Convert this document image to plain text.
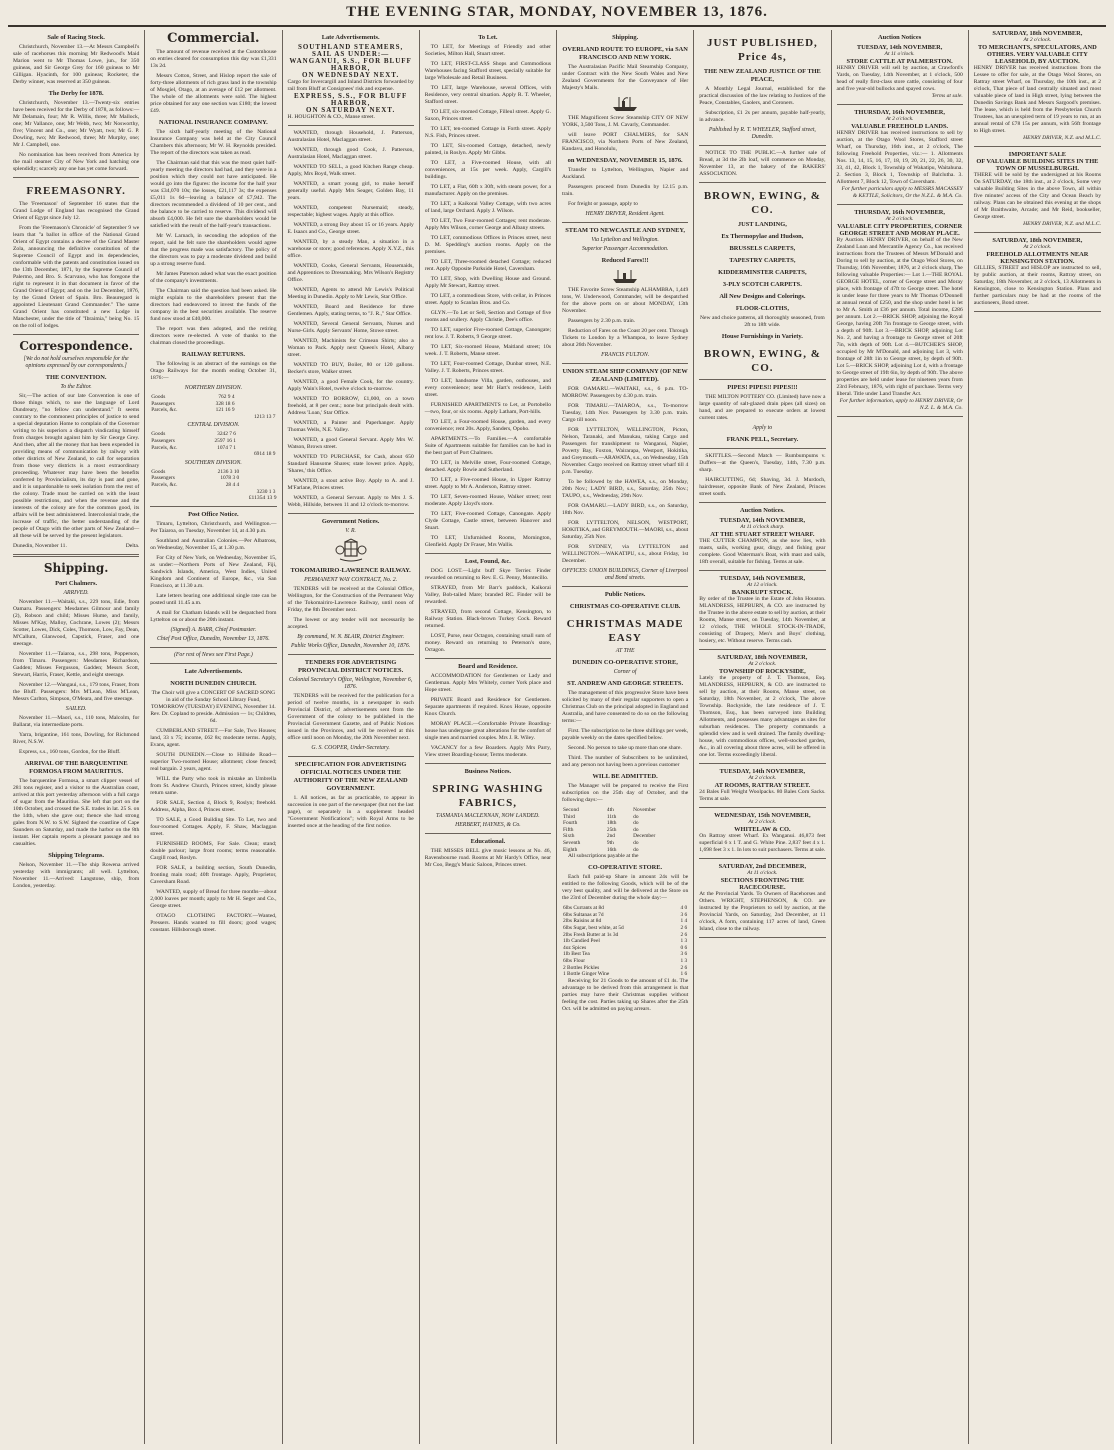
THE EVENING STAR, MONDAY, NOVEMBER 13, 1876.
Sale of Racing Stock.

Christchurch, November 13.—At Messrs Campbell's sale of racehorses this morning Mr Redwood's Maid Marion went to Mr Thomas Lowe, jun., for 350 guineas, and Sir George Grey for 160 guineas to Mr Gilligan. Hyacinth, for 100 guineas; Rocketer, the Derby winner, was reserved at 350 guineas.

The Derby for 1878.

Christchurch, November 13.—Twenty-six entries have been received for the Derby of 1878, as follows:—Mr Delamain, four; Mr R. Willis, three; Mr Mallock, one; Mr Vallance, one; Mr Webb, two; Mr Nosworthy, five; Vincent and Co., one; Mr Wyatt, two; Mr G. P. Dowling, two; Mr Redwood, three; Mr Murphy, one; Mr J. Campbell, one.

No nomination has been received from America by the mail steamer City of New York and hatching one splendidly; scarcely any one has yet come forward.

FREEMASONRY.

The 'Freemason' of September 16 states that the Grand Lodge of England has recognised the Grand Orient of Egypt since July 12.

From the 'Freemason's Chronicle' of September 9 we learn that "a ballot in office of the National Grand Orient of Egypt contains a decree of the Grand Master Zola, announcing the definitive constitution of the Supreme Council of Egypt and its dependencies, conformable with the patents and constitution issued on the 13th December, 1871, by the Supreme Council of Palermo, and Bro. S. Scarvano, who has foregone the right to represent it in that document in favor of the Grand Orient of Egypt; and on the 1st December, 1876, by the Grand Orient of Spain. Bro. Beauregard is appointed Lieutenant Grand Commander." The same Grand Orient has constituted a new Lodge in Manchester, under the title of "Ibraimia," being No. 15 on the roll of lodges.

Correspondence.
[We do not hold ourselves responsible for the opinions expressed by our correspondents.]
THE CONVENTION.
To the Editor.

Sir,—The action of our late Convention is one of those things which, to use the language of Lord Dundreary, "no fellow can understand." It seems contrary to the commonest principles of justice to send a special deputation Home to complain of the Governor writing to his superiors a dispatch vindicating himself from charges brought against him by Sir George Grey. And then, after all the money that has been expended in providing means of communication by railway with other districts of New Zealand, to call for separation from those very districts is a most extraordinary proceeding. Whatever may have been the benefits conferred by Provincialism, its day is past and gone, and it is unpardonable to seek isolation from the rest of the colony. Trade must be carried on with the least possible restrictions, and when the revenue and the interests of the colony are for the common good, its affairs will be best administered. Intercolonial trade, the increase of traffic, the better understanding of the people of Otago with the other parts of New Zealand—all these will be served by the present legislators.

Dunedin, November 11.	Delta.
Shipping.
Port Chalmers.
ARRIVED.

November 11.—Waitaki, s.s., 229 tons, Edie, from Oamaru. Passengers: Mesdames Gilmour and family (2), Robson and child; Misses Hume, and family, Misses M'Kay, Malloy, Cochrane, Lowes (2); Messrs Scotter, Lowes, Dick, Coles, Thomson, Low, Fay, Dean, M'Callum, Glanwood, Capstick, Fraser, and one steerage.

November 11.—Taiaroa, s.s., 298 tons, Popperson, from Timaru. Passengers: Mesdames Richardson, Gadden; Misses Fergusson, Gadden; Messrs Scott, Stewart, Harris, Fraser, Kettle, and eight steerage.

November 12.—Wangaui, s.s., 179 tons, Fraser, from the Bluff. Passengers: Mrs M'Lean, Miss M'Lean, Messrs Carlton, Simpson, O'Meara, and five steerage.

SAILED.

November 11.—Maori, s.s., 110 tons, Malcolm, for Ballarat, via intermediate ports.

Yarra, brigantine, 161 tons, Dowling, for Richmond River, N.S.W.

Express, s.s., 160 tons, Gordon, for the Bluff.

ARRIVAL OF THE BARQUENTINE FORMOSA FROM MAURITIUS.

The barquentine Formosa, a smart clipper vessel of 281 tons register, and a visitor to the Australian coast, arrived at this port yesterday afternoon with a full cargo of sugar from the Mauritius. She left that port on the 10th October, and crossed the S.E. trades in lat. 25 S. on the 14th, when she gave out; thence she had strong gales from N.W. to S.W. Sighted the coastline of Cape Saunders on Saturday, and made the harbor on the 8th instant. Her captain reports a pleasant passage and no casualties.

Shipping Telegrams.

Nelson, November 11.—The ship Rowena arrived yesterday with immigrants; all well. Lyttelton, November 11.—Arrived: Langstone, ship, from London, yesterday.

Commercial.

The amount of revenue received at the Customhouse on entries cleared for consumption this day was £1,331 13s 2d.

Messrs Cotton, Street, and Hislop report the sale of forty-three allotments of rich grass land in the township of Mosgiel, Otago, at an average of £12 per allotment. The whole of the allotments were sold. The highest price obtained for any one section was £180; the lowest £49.

NATIONAL INSURANCE COMPANY.

The sixth half-yearly meeting of the National Insurance Company was held at the City Council Chambers this afternoon; Mr W. H. Reynolds presided. The report of the directors was taken as read.

The Chairman said that this was the most quiet half-yearly meeting the directors had had, and they were in a position which they could not have anticipated. He would go into the figures: the income for the half year was £34,070 10s; the losses, £21,117 3s; the expenses £5,011 1s 6d—leaving a balance of £7,942. The directors recommended a dividend of 10 per cent., and the balance to be carried to reserve. This dividend will absorb £4,000. He felt sure the shareholders would be satisfied with the result of the half-year's transactions.

Mr W. Larnach, in seconding the adoption of the report, said he felt sure the shareholders would agree that the progress made was satisfactory. The policy of the directors was to pay a moderate dividend and build up a strong reserve fund.

Mr James Paterson asked what was the exact position of the company's investments.

The Chairman said the question had been asked. He might explain to the shareholders present that the directors had endeavored to invest the funds of the company in the best securities available. The reserve fund now stood at £40,000.

The report was then adopted, and the retiring directors were re-elected. A vote of thanks to the chairman closed the proceedings.

RAILWAY RETURNS.

The following is an abstract of the earnings on the Otago Railways for the month ending October 31, 1876:—

NORTHERN DIVISION.
Goods	762 9 4	
Passengers	328 18 6	
Parcels, &c.	121 16 9	
		1213 13 7
CENTRAL DIVISION.
Goods	3242 7 6	
Passengers	2597 16 1	
Parcels, &c.	1074 7 1	
		6914 18 9
SOUTHERN DIVISION.
Goods	2136 3 10	
Passengers	1078 3 0	
Parcels, &c.	28 4 4	
		3230 1 3
£11354 13 9
Post Office Notice.

Timaru, Lyttelton, Christchurch, and Wellington.—Per Taiaroa, on Tuesday, November 14, at 4.30 p.m.

Southland and Australian Colonies.—Per Albatross, on Wednesday, November 15, at 1.30 p.m.

For City of New York, on Wednesday, November 15, as under:—Northern Ports of New Zealand, Fiji, Sandwich Islands, America, West Indies, United Kingdom and Continent of Europe, &c., via San Francisco, at 11.30 a.m.

Late letters bearing one additional single rate can be posted until 11.45 a.m.

A mail for Chatham Islands will be despatched from Lyttelton on or about the 20th instant.

(Signed) A. BARR, Chief Postmaster.
Chief Post Office, Dunedin, November 13, 1876.
(For rest of News see First Page.)
Late Advertisements.
NORTH DUNEDIN CHURCH.

The Choir will give a CONCERT OF SACRED SONG in aid of the Sunday School Library Fund, TOMORROW (TUESDAY) EVENING, November 14. Rev. Dr. Copland to preside. Admission — 1s; Children, 6d.

CUMBERLAND STREET.—For Sale, Two Houses; land, 33 x 75; income, £62 8s; moderate terms. Apply, Evans, agent.

SOUTH DUNEDIN.—Close to Hillside Road—superior Two-roomed House; allotment; close fenced; real bargain. 2 years, agent.

WILL the Party who took in mistake an Umbrella from St. Andrew Church, Princes street, kindly please return same.

FOR SALE, Section 4, Block 9, Roslyn; freehold. Address, Alpha, Box 4, Princes street.

TO SALE, a Good Building Site. To Let, two and four-roomed Cottages. Apply, F. Shaw, Maclaggan street.

FURNISHED ROOMS, For Sale. Clean; stand; double parlour; large front rooms; terms reasonable. Cargill road, Roslyn.

FOR SALE, a building section, South Dunedin, fronting main road; 40ft frontage. Apply, Proprietor, Caversham Road.

WANTED, supply of Bread for three months—about 2,000 loaves per month; apply to Mr H. Seger and Co., George street.

OTAGO CLOTHING FACTORY.—Wanted, Pressers. Hands wanted to fill doors; good wages; constant. Hillsborough street.

Late Advertisements.
SOUTHLAND STEAMERS, SAIL AS UNDER:—
WANGANUI, S.S., FOR BLUFF HARBOR,
ON WEDNESDAY NEXT.
Cargo for Invercargill and Inland Districts forwarded by rail from Bluff at Consignees' risk and expense.
EXPRESS, S.S., FOR BLUFF HARBOR,
ON SATURDAY NEXT.
H. HOUGHTON & CO., Manse street.

WANTED, through Household, J. Patterson, Australasian Hotel, Maclaggan street.

WANTED, through good Cook, J. Patterson, Australasian Hotel, Maclaggan street.

WANTED TO SELL, a good Kitchen Range cheap. Apply, Mrs Boyd, Walk street.

WANTED, a smart young girl, to make herself generally useful. Apply Mrs Seager, Golden Bay, 11 years.

WANTED, competent Nursemaid; steady, respectable; highest wages. Apply at this office.

WANTED, a strong Boy about 15 or 16 years. Apply E. Isaacs and Co., George street.

WANTED, by a steady Man, a situation in a warehouse or store; good references. Apply X.Y.Z., this office.

WANTED, Cooks, General Servants, Housemaids, and Apprentices to Dressmaking. Mrs Wilson's Registry Office.

WANTED, Agents to attend Mr Lewis's Political Meeting in Dunedin. Apply to Mr Lewis, Star Office.

WANTED, Board and Residence for three Gentlemen. Apply, stating terms, to "J. R.," Star Office.

WANTED, Several General Servants, Nurses and Nurse-Girls. Apply Servants' Home, Stowe street.

WANTED, Machinists for Crimean Shirts; also a Woman to Pack. Apply next Queen's Hotel, Albany street.

WANTED TO BUY, Boiler, 80 or 120 gallons. Becker's store, Walker street.

WANTED, a good Female Cook, for the country. Apply Wain's Hotel, twelve o'clock to-morrow.

WANTED TO BORROW, £1,000, on a town freehold, at 8 per cent.; none but principals dealt with. Address 'Loan,' Star Office.

WANTED, a Painter and Paperhanger. Apply Thomas Wells, N.E. Valley.

WANTED, a good General Servant. Apply Mrs W. Watson, Brown street.

WANTED TO PURCHASE, for Cash, about 650 Standard Hansome Shares; state lowest price. Apply, 'Shares,' this Office.

WANTED, a stout active Boy. Apply to A. and J. M'Farlane, Princes street.

WANTED, a General Servant. Apply to Mrs J. S. Webb, Hillside, between 11 and 12 o'clock to-morrow.

Government Notices.
V. R.
TOKOMAIRIRO-LAWRENCE RAILWAY.
PERMANENT WAY CONTRACT, No. 2.

TENDERS will be received at the Colonial Office, Wellington, for the Construction of the Permanent Way of the Tokomairiro-Lawrence Railway, until noon of Friday, the 8th December next.

The lowest or any tender will not necessarily be accepted.

By command, W. N. BLAIR, District Engineer.
Public Works Office, Dunedin, November 10, 1876.
TENDERS FOR ADVERTISING PROVINCIAL DISTRICT NOTICES.
Colonial Secretary's Office, Wellington, November 6, 1876.

TENDERS will be received for the publication for a period of twelve months, in a newspaper in each Provincial District, of advertisements sent from the Government of the colony to be published in the Provincial Government Gazette, and of Public Notices issued in the Provinces, and will be received at this office until noon on Monday, the 20th November next.

G. S. COOPER, Under-Secretary.
SPECIFICATION FOR ADVERTISING OFFICIAL NOTICES UNDER THE AUTHORITY OF THE NEW ZEALAND GOVERNMENT.

1. All notices, as far as practicable, to appear in succession in one part of the newspaper (but not the last page), or separately in a supplement headed "Government Notifications"; with Royal Arms to be inserted once at the heading of the first notice.

To Let.

TO LET, for Meetings of Friendly and other Societies, Milton Hall, Stuart street.

TO LET, FIRST-CLASS Shops and Commodious Warehouses facing Stafford street, specially suitable for large Wholesale and Retail Business.

TO LET, large Warehouse, several Offices, with Residence, very central situation. Apply R. T. Wheeler, Stafford street.

TO LET, six-roomed Cottage, Filleul street. Apply G. Saxon, Princes street.

TO LET, ten-roomed Cottage in Forth street. Apply N.S. Fish, Princes street.

TO LET, Six-roomed Cottage, detached, newly painted, in Roslyn. Apply Mr Gibbs.

TO LET, a Five-roomed House, with all conveniences, at 15s per week. Apply, Cargill's buildings.

TO LET, a Flat, 60ft x 30ft, with steam power, for a manufacturer. Apply on the premises.

TO LET, a Kaikorai Valley Cottage, with two acres of land, large Orchard. Apply J. Wilson.

TO LET, Two Four-roomed Cottages; rent moderate. Apply Mrs Wilson, corner George and Albany streets.

TO LET, commodious Offices in Princes street, next D. M. Spedding's auction rooms. Apply on the premises.

TO LET, Three-roomed detached Cottage; reduced rent. Apply Opposite Parkside Hotel, Caversham.

TO LET, Shop, with Dwelling House and Ground. Apply Mr Stewart, Rattray street.

TO LET, a commodious Store, with cellar, in Princes street. Apply to Scanlan Bros. and Co.

GLYN.—To Let or Sell, Section and Cottage of five rooms and scullery. Apply Christie, Dee's office.

TO LET, superior Five-roomed Cottage, Canongate; rent low. J. T. Roberts, 9 George street.

TO LET, Six-roomed House, Maitland street; 10s week. J. T. Roberts, Manse street.

TO LET, Four-roomed Cottage, Dunbar street, N.E. Valley. J. T. Roberts, Princes street.

TO LET, handsome Villa, garden, outhouses, and every convenience; near Mr Hart's residence, Leith street.

FURNISHED APARTMENTS to Let, at Portobello—two, four, or six rooms. Apply Latham, Port-hills.

TO LET, a Four-roomed House, garden, and every convenience; rent 20s. Apply, Sanders, Opoho.

APARTMENTS.—To Families.—A comfortable Suite of Apartments suitable for families can be had in the best part of Port Chalmers.

TO LET, in Melville street, Four-roomed Cottage, detached. Apply Bowie and Sutherland.

TO LET, a Five-roomed House, in Upper Rattray street. Apply to Mr A. Anderson, Rattray street.

TO LET, Seven-roomed House, Walker street; rent moderate. Apply Lloyd's store.

TO LET, Five-roomed Cottage, Canongate. Apply Clyde Cottage, Castle street, between Hanover and Stuart.

TO LET, Unfurnished Rooms, Mornington, Glenfield. Apply Dr Fraser, Mrs Wallis.

Lost, Found, &c.

DOG LOST.—Light buff Skye Terrier. Finder rewarded on returning to Rev. E. G. Penny, Montecillo.

STRAYED, from Mr Barr's paddock, Kaikorai Valley, Bob-tailed Mare; branded RC. Finder will be rewarded.

STRAYED, from second Cottage, Kensington, to Railway Station. Black-brown Turkey Cock. Reward returned.

LOST, Purse, near Octagon, containing small sum of money. Reward on returning to Peterson's store, Octagon.

Board and Residence.

ACCOMMODATION for Gentlemen or Lady and Gentleman. Apply Mrs Whitely, corner York place and Hope street.

PRIVATE Board and Residence for Gentlemen. Separate apartments if required. Knox House, opposite Knox Church.

MORAY PLACE.—Comfortable Private Boarding-house has undergone great alterations for the comfort of single men and married couples. Mrs J. R. Wiley.

VACANCY for a few Boarders. Apply Mrs Parry, View street Boarding-house; Terms moderate.

Business Notices.
SPRING WASHING FABRICS,
TASMANIA MACLENNAN, NOW LANDED.
HERBERT, HAYNES, & Co.
Educational.

THE MISSES BELL give music lessons at No. 46, Ravensbourne road. Rooms at Mr Hardy's Office, near Mr Coo, Begg's Music Saloon, Princes street.

Shipping.
OVERLAND ROUTE TO EUROPE, via SAN FRANCISCO AND NEW YORK.

The Australasian Pacific Mail Steamship Company, under Contract with the New South Wales and New Zealand Governments for the Conveyance of Her Majesty's Mails.

THE Magnificent Screw Steamship CITY OF NEW YORK, 3,500 Tons, J. M. Cavarly, Commander.

will leave PORT CHALMERS, for SAN FRANCISCO, via Northern Ports of New Zealand, Kandavu, and Honolulu,

on WEDNESDAY, NOVEMBER 15, 1876.

Transfer to Lyttelton, Wellington, Napier and Auckland.

Passengers proceed from Dunedin by 12.15 p.m. train.

For freight or passage, apply to

HENRY DRIVER, Resident Agent.
STEAM TO NEWCASTLE AND SYDNEY,
Via Lyttelton and Wellington.
Superior Passenger Accommodation.
Reduced Fares!!!

THE Favorite Screw Steamship ALHAMBRA, 1,449 tons, W. Underwood, Commander, will be despatched for the above ports on or about MONDAY, 13th November.

Passengers by 2.30 p.m. train.

Reduction of Fares on the Coast 20 per cent. Through Tickets to London by a Whampoa, to leave Sydney about 26th November.

FRANCIS FULTON.
UNION STEAM SHIP COMPANY (OF NEW ZEALAND (LIMITED).

FOR OAMARU.—WAITAKI, s.s., 6 p.m. TO-MORROW. Passengers by 4.30 p.m. train.

FOR TIMARU.—TAIAROA, s.s., To-morrow Tuesday, 14th Nov. Passengers by 3.30 p.m. train. Cargo till noon.

FOR LYTTELTON, WELLINGTON, Picton, Nelson, Taranaki, and Manukau, taking Cargo and Passengers for transhipment to Wanganui, Napier, Poverty Bay, Foxton, Wairarapa, Westport, Hokitika, and Greymouth.—ARAWATA, s.s., on Wednesday, 15th November. Cargo received on Rattray street wharf till 4 p.m. Tuesday.

To be followed by the HAWEA, s.s., on Monday, 20th Nov.; LADY BIRD, s.s., Saturday, 25th Nov.; TAUPO, s.s., Wednesday, 29th Nov.

FOR OAMARU.—LADY BIRD, s.s., on Saturday, 18th Nov.

FOR LYTTELTON, NELSON, WESTPORT, HOKITIKA, and GREYMOUTH.—MAORI, s.s., about Saturday, 25th Nov.

FOR SYDNEY, via LYTTELTON and WELLINGTON.—WAKATIPU, s.s., about Friday, 1st December.

OFFICES: UNION BUILDINGS, Corner of Liverpool and Bond streets.
Public Notices.
CHRISTMAS CO-OPERATIVE CLUB.
CHRISTMAS MADE EASY
AT THE
DUNEDIN CO-OPERATIVE STORE,
Corner of
ST. ANDREW AND GEORGE STREETS.

The management of this progressive Store have been solicited by many of their regular supporters to open a Christmas Club on the principal adopted in England and Australia, and have consented to do so on the following terms:—

First. The subscription to be three shillings per week, payable weekly on the dates specified below.

Second. No person to take up more than one share.

Third. The number of Subscribers to be unlimited, and any person not having been a previous customer

WILL BE ADMITTED.

The Manager will be prepared to receive the First subscription on the 25th day of October, and the following days:—

Second	4th	November
Third	11th	do
Fourth	18th	do
Fifth	25th	do
Sixth	2nd	December
Seventh	9th	do
Eighth	16th	do

All subscriptions payable at the

CO-OPERATIVE STORE.

Each full paid-up Share in amount 24s will be entitled to the following Goods, which will be of the very best quality, and will be delivered at the Store on the 23rd of December during the whole day:—

6lbs Currants at 8d	4 0
6lbs Sultanas at 7d	3 6
2lbs Raisins at 8d	1 4
6lbs Sugar, best white, at 5d	2 6
2lbs Fresh Butter at 1s 3d	2 6
1lb Candied Peel	1 3
4oz Spices	0 6
1lb Best Tea	3 6
6lbs Flour	1 3
2 Bottles Pickles	2 6
1 Bottle Ginger Wine	1 6

Receiving for 21 Goods to the amount of £1 4s. The advantage to be derived from this arrangement is that parties may have their Christmas supplies without feeling the cost. Parties taking up Shares after the 25th Oct. will be admitted on paying arrears.

JUST PUBLISHED, Price 4s,
THE NEW ZEALAND JUSTICE OF THE PEACE,

A Monthly Legal Journal, established for the practical discussion of the law relating to Justices of the Peace, Constables, Gaolers, and Coroners.

Subscription, £1 2s per annum, payable half-yearly, in advance.

Published by R. T. WHEELER, Stafford street, Dunedin.

NOTICE TO THE PUBLIC.—A further sale of Bread, at 3d the 2lb loaf, will commence on Monday, November 13, at the bakery of the BAKERS' ASSOCIATION.

BROWN, EWING, & CO.
JUST LANDING,
Ex Thermopylae and Hudson,
BRUSSELS CARPETS,
TAPESTRY CARPETS,
KIDDERMINSTER CARPETS,
3-PLY SCOTCH CARPETS.
All New Designs and Colorings.
FLOOR-CLOTHS,

New and choice patterns, all thoroughly seasoned, from 2ft to 18ft wide.

House Furnishings in Variety.
BROWN, EWING, & CO.
PIPES! PIPES!! PIPES!!!

THE MILTON POTTERY CO. (Limited) have now a large quantity of salt-glazed drain pipes (all sizes) on hand, and are prepared to execute orders at lowest current rates.

Apply to
FRANK PELL, Secretary.

SKITTLES.—Second Match — Rumbumpums v. Duffers—at the Queen's, Tuesday, 14th, 7.30 p.m. sharp.

HAIRCUTTING, 6d; Shaving, 3d. J. Murdoch, hairdresser, opposite Bank of New Zealand, Princes street south.

Auction Notices.
TUESDAY, 14th NOVEMBER,
At 11 o'clock sharp.
AT THE STUART STREET WHARF.
THE CUTTER CHAMPION, as she now lies, with masts, sails, working gear, dingy, and fishing gear complete. Good Waterman's Boat, with mast and sails, 18ft overall, suitable for fishing. Terms at sale.
TUESDAY, 14th NOVEMBER,
At 12 o'clock.
BANKRUPT STOCK.
By order of the Trustee in the Estate of John Houston. MLANDRESS, HEPBURN, & CO. are instructed by the Trustee in the above estate to sell by auction, at their Rooms, Manse street, on Tuesday, 14th November, at 12 o'clock, THE WHOLE STOCK-IN-TRADE, consisting of Drapery, Men's and Boys' clothing, hosiery, etc. Without reserve. Terms cash.
SATURDAY, 18th NOVEMBER,
At 2 o'clock.
TOWNSHIP OF ROCKYSIDE,
Lately the property of J. T. Thomson, Esq. MLANDRESS, HEPBURN, & CO. are instructed to sell by auction, at their Rooms, Manse street, on Saturday, 18th November, at 2 o'clock, The above Township. Rockyside, the late residence of J. T. Thomson, Esq., has been surveyed into Building Allotments, and possesses many advantages as sites for suburban residences. The property commands a splendid view and is well drained. The family dwelling-house, with commodious offices, well-stocked garden, &c., in all covering about three acres, will be offered in one lot. Terms exceedingly liberal.
TUESDAY, 14th NOVEMBER,
At 2 o'clock.
AT ROOMS, RATTRAY STREET.
24 Bales Full Weight Woolpacks. 80 Bales Corn Sacks. Terms at sale.
WEDNESDAY, 15th NOVEMBER,
At 2 o'clock.
WHITELAW & CO.
On Rattray street Wharf. Ex Wanganui. 46,873 feet superficial 6 x 1 T. and G. White Pine. 2,837 feet 4 x 1. 1,698 feet 3 x 1. In lots to suit purchasers. Terms at sale.
SATURDAY, 2nd DECEMBER,
At 11 o'clock.
SECTIONS FRONTING THE RACECOURSE.
At the Provincial Yards. To Owners of Racehorses and Others. WRIGHT, STEPHENSON, & CO. are instructed by the Proprietors to sell by auction, at the Provincial Yards, on Saturday, 2nd December, at 11 o'clock, A form, containing 117 acres of land, Green Island, close to the railway.
Auction Notices
TUESDAY, 14th NOVEMBER,
At 11 o'clock.
STORE CATTLE AT PALMERSTON.
HENRY DRIVER will sell by auction, at Crawford's Yards, on Tuesday, 14th November, at 1 o'clock, 500 head of really first-class store cattle, consisting of four and five year-old bullocks and spayed cows.
Terms at sale.
THURSDAY, 16th NOVEMBER,
At 2 o'clock.
VALUABLE FREEHOLD LANDS.
HENRY DRIVER has received instructions to sell by auction, at the Otago Wool Stores, Stafford street Wharf, on Thursday, 16th inst., at 2 o'clock, The following Freehold Properties, viz.:— 1. Allotments Nos. 13, 14, 15, 16, 17, 18, 19, 20, 21, 22, 26, 30, 32, 33, 41, 42, Block 1, Township of Wakatipu, Waitahuna. 2. Section 3, Block 1, Township of Balclutha. 3. Allotment 7, Block 12, Town of Caversham.
For further particulars apply to MESSRS MACASSEY & KETTLE, Solicitors, Or the N.Z.L. & M.A. Co.
THURSDAY, 16th NOVEMBER,
At 2 o'clock.
VALUABLE CITY PROPERTIES, CORNER GEORGE STREET AND MORAY PLACE.
By Auction. HENRY DRIVER, on behalf of the New Zealand Loan and Mercantile Agency Co., has received instructions from the Trustees of Messrs M'Donald and Doring to sell by auction, at the Otago Wool Stores, on Thursday, 16th November, 1876, at 2 o'clock sharp, The following valuable Properties:— Lot 1.—THE ROYAL GEORGE HOTEL, corner of George street and Moray place, with frontage of 47ft to George street. The hotel is under lease for three years to Mr Thomas O'Donnell at annual rental of £250, and the shop under hotel is let to Mr A. Smith at £36 per annum. Total income, £286 per annum. Lot 2.—BRICK SHOP, adjoining the Royal George, having 20ft 7in frontage to George street, with a depth of 90ft. Lot 3.—BRICK SHOP, adjoining Lot No. 2, and having a frontage to George street of 20ft 7in, with depth of 90ft. Lot 4.—BUTCHER'S SHOP, occupied by Mr M'Donald, and adjoining Lot 3, with frontage of 28ft 1in to George street, by depth of 90ft. Lot 5.—BRICK SHOP, adjoining Lot 4, with a frontage to George street of 19ft 6in, by depth of 90ft. The above properties are held under lease for nineteen years from 23rd February, 1876, with right of purchase. Terms very liberal. Title under Land Transfer Act.
For further information, apply to HENRY DRIVER, Or N.Z. L. & M.A. Co.
SATURDAY, 18th NOVEMBER,
At 2 o'clock.
TO MERCHANTS, SPECULATORS, AND OTHERS. VERY VALUABLE CITY LEASEHOLD, BY AUCTION.
HENRY DRIVER has received instructions from the Lessee to offer for sale, at the Otago Wool Stores, on Rattray street Wharf, on Thursday, the 10th inst., at 2 o'clock, That piece of land centrally situated and most valuable piece of land in High street, lying between the Dunedin Savings Bank and Messrs Sargood's premises. The lease, which is held from the Presbyterian Church Trustees, has an unexpired term of 19 years to run, at an annual rental of £78 15s per annum, with 56ft frontage to High street.
HENRY DRIVER, N.Z. and M.L.C.
IMPORTANT SALE
OF VALUABLE BUILDING SITES IN THE TOWN OF MUSSELBURGH.
THERE will be sold by the undersigned at his Rooms On SATURDAY, the 18th inst., at 2 o'clock, Some very valuable Building Sites in the above Town, all within five minutes' access of the City and Ocean Beach by railway. Plans can be obtained this evening at the shops of Mr Braithwaite, Arcade; and Mr Reid, bookseller, George street.
HENRY DRIVER, N.Z. and M.L.C.
SATURDAY, 18th NOVEMBER,
At 2 o'clock.
FREEHOLD ALLOTMENTS NEAR KENSINGTON STATION.
GILLIES, STREET and HISLOP are instructed to sell, by public auction, at their rooms, Rattray street, on Saturday, 18th November, at 2 o'clock, 13 Allotments in Kensington, close to Kensington Station. Plans and further particulars may be had at the rooms of the auctioneers, Bond street.
